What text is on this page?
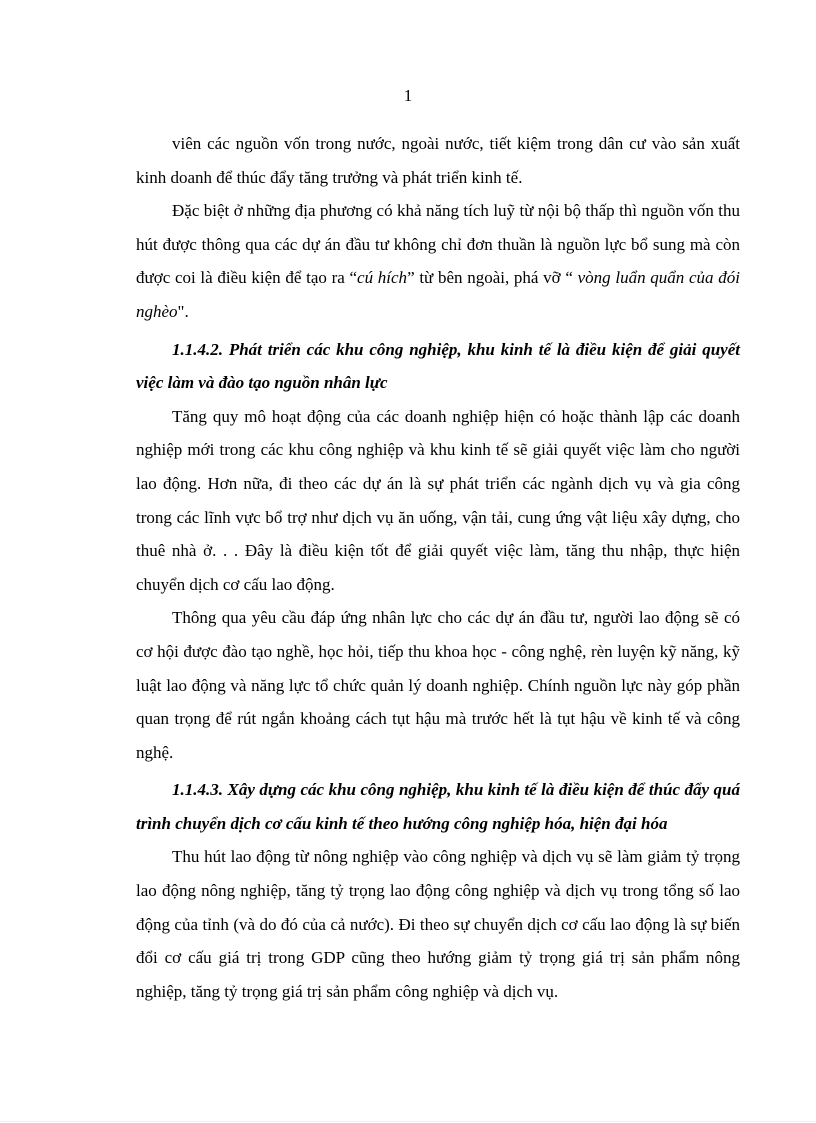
1

viên các nguồn vốn trong nước, ngoài nước, tiết kiệm trong dân cư vào sản xuất kinh doanh để thúc đẩy tăng trưởng và phát triển kinh tế.

Đặc biệt ở những địa phương có khả năng tích luỹ từ nội bộ thấp thì nguồn vốn thu hút được thông qua các dự án đầu tư không chỉ đơn thuần là nguồn lực bổ sung mà còn được coi là điều kiện để tạo ra “cú hích” từ bên ngoài, phá vỡ “ vòng luẩn quẩn của đói nghèo".

1.1.4.2. Phát triển các khu công nghiệp, khu kinh tế là điều kiện để giải quyết việc làm và đào tạo nguồn nhân lực

Tăng quy mô hoạt động của các doanh nghiệp hiện có hoặc thành lập các doanh nghiệp mới trong các khu công nghiệp và khu kinh tế sẽ giải quyết việc làm cho người lao động. Hơn nữa, đi theo các dự án là sự phát triển các ngành dịch vụ và gia công trong các lĩnh vực bổ trợ như dịch vụ ăn uống, vận tải, cung ứng vật liệu xây dựng, cho thuê nhà ở. . . Đây là điều kiện tốt để giải quyết việc làm, tăng thu nhập, thực hiện chuyển dịch cơ cấu lao động.

Thông qua yêu cầu đáp ứng nhân lực cho các dự án đầu tư, người lao động sẽ có cơ hội được đào tạo nghề, học hỏi, tiếp thu khoa học - công nghệ, rèn luyện kỹ năng, kỹ luật lao động và năng lực tổ chức quản lý doanh nghiệp. Chính nguồn lực này góp phần quan trọng để rút ngắn khoảng cách tụt hậu mà trước hết là tụt hậu về kinh tế và công nghệ.

1.1.4.3. Xây dựng các khu công nghiệp, khu kinh tế là điều kiện để thúc đẩy quá trình chuyển dịch cơ cấu kinh tế theo hướng công nghiệp hóa, hiện đại hóa

Thu hút lao động từ nông nghiệp vào công nghiệp và dịch vụ sẽ làm giảm tỷ trọng lao động nông nghiệp, tăng tỷ trọng lao động công nghiệp và dịch vụ trong tổng số lao động của tỉnh (và do đó của cả nước). Đi theo sự chuyển dịch cơ cấu lao động là sự biến đổi cơ cấu giá trị trong GDP cũng theo hướng giảm tỷ trọng giá trị sản phẩm nông nghiệp, tăng tỷ trọng giá trị sản phẩm công nghiệp và dịch vụ.
